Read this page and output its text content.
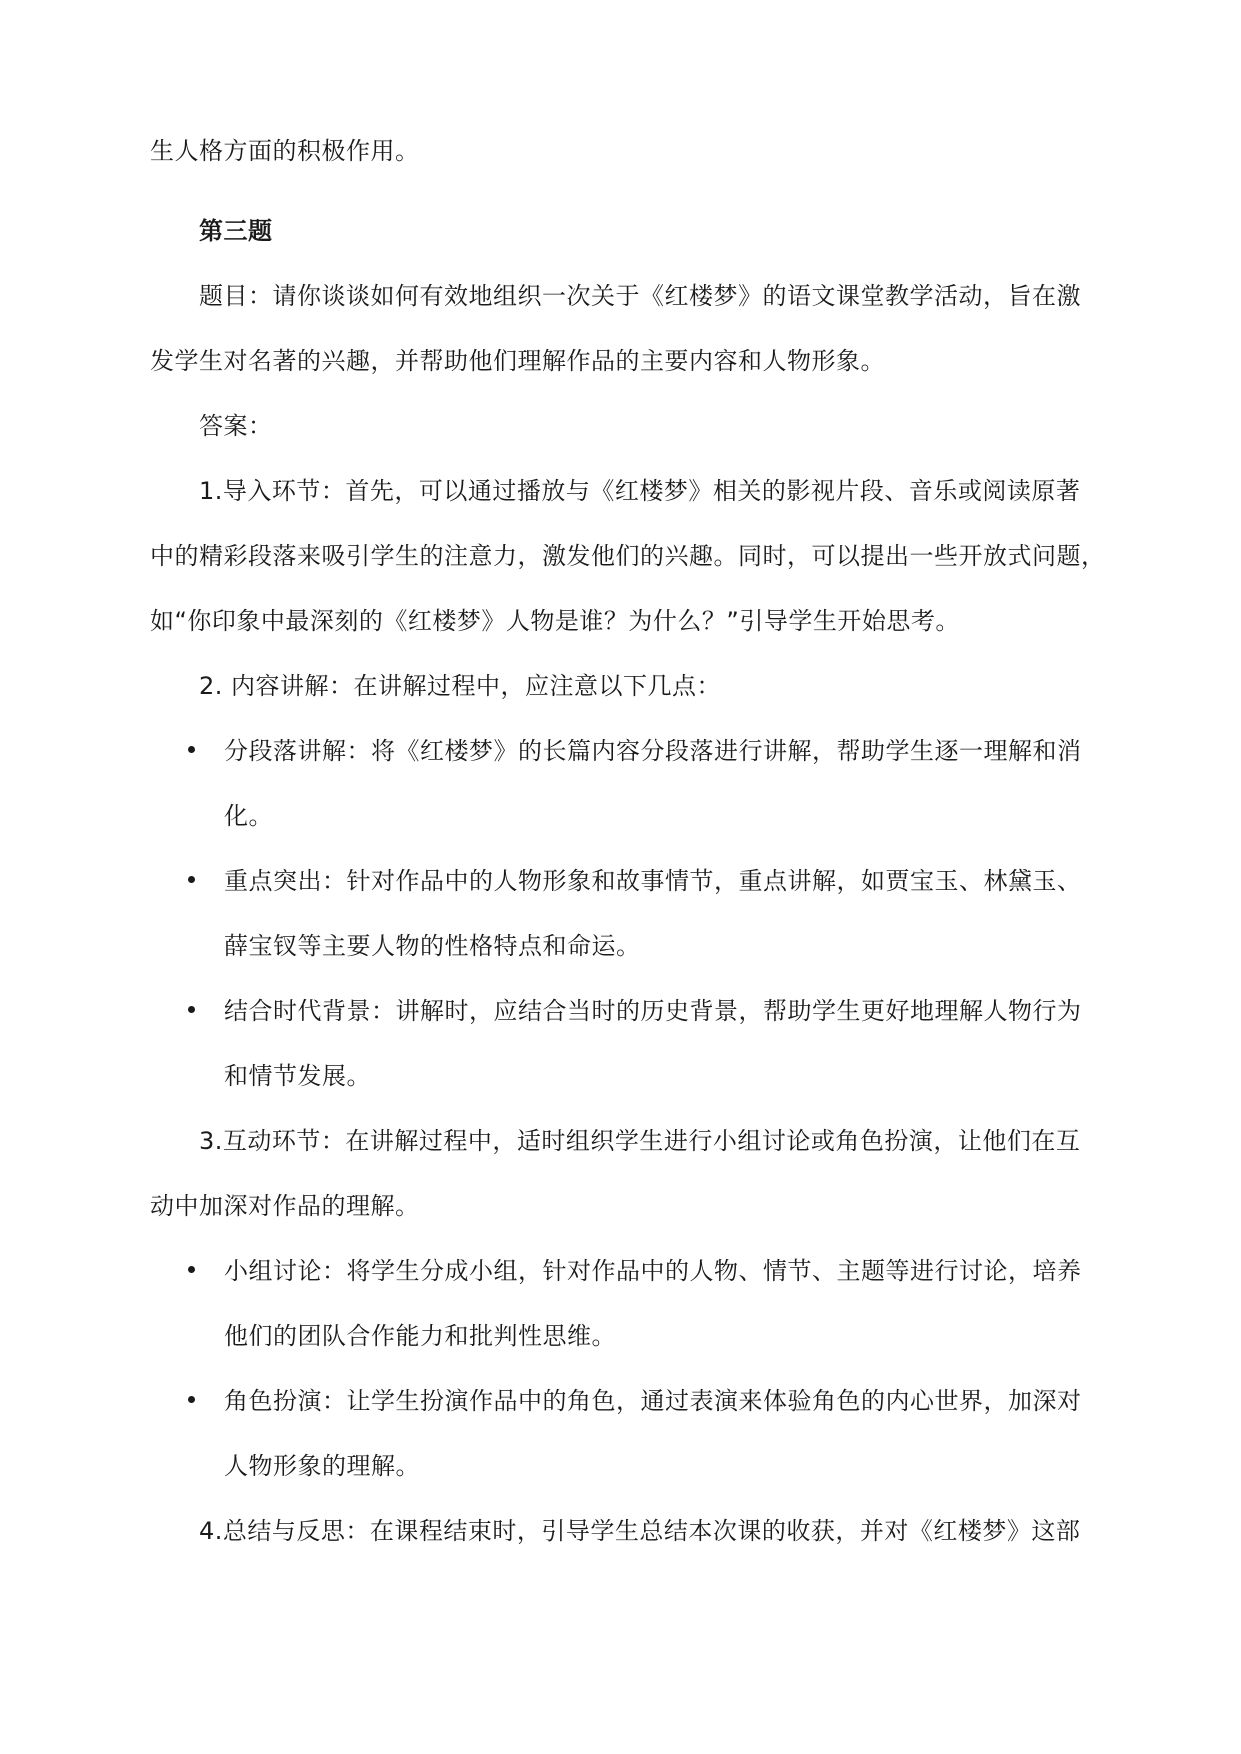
生人格方面的积极作用。
第三题
题目：请你谈谈如何有效地组织一次关于《红楼梦》的语文课堂教学活动，旨在激
发学生对名著的兴趣，并帮助他们理解作品的主要内容和人物形象。
答案：
1.导入环节：首先，可以通过播放与《红楼梦》相关的影视片段、音乐或阅读原著
中的精彩段落来吸引学生的注意力，激发他们的兴趣。同时，可以提出一些开放式问题，
如“你印象中最深刻的《红楼梦》人物是谁？为什么？”引导学生开始思考。
2. 内容讲解：在讲解过程中，应注意以下几点：
分段落讲解：将《红楼梦》的长篇内容分段落进行讲解，帮助学生逐一理解和消
化。
重点突出：针对作品中的人物形象和故事情节，重点讲解，如贾宝玉、林黛玉、
薛宝钗等主要人物的性格特点和命运。
结合时代背景：讲解时，应结合当时的历史背景，帮助学生更好地理解人物行为
和情节发展。
3.互动环节：在讲解过程中，适时组织学生进行小组讨论或角色扮演，让他们在互
动中加深对作品的理解。
小组讨论：将学生分成小组，针对作品中的人物、情节、主题等进行讨论，培养
他们的团队合作能力和批判性思维。
角色扮演：让学生扮演作品中的角色，通过表演来体验角色的内心世界，加深对
人物形象的理解。
4.总结与反思：在课程结束时，引导学生总结本次课的收获，并对《红楼梦》这部
